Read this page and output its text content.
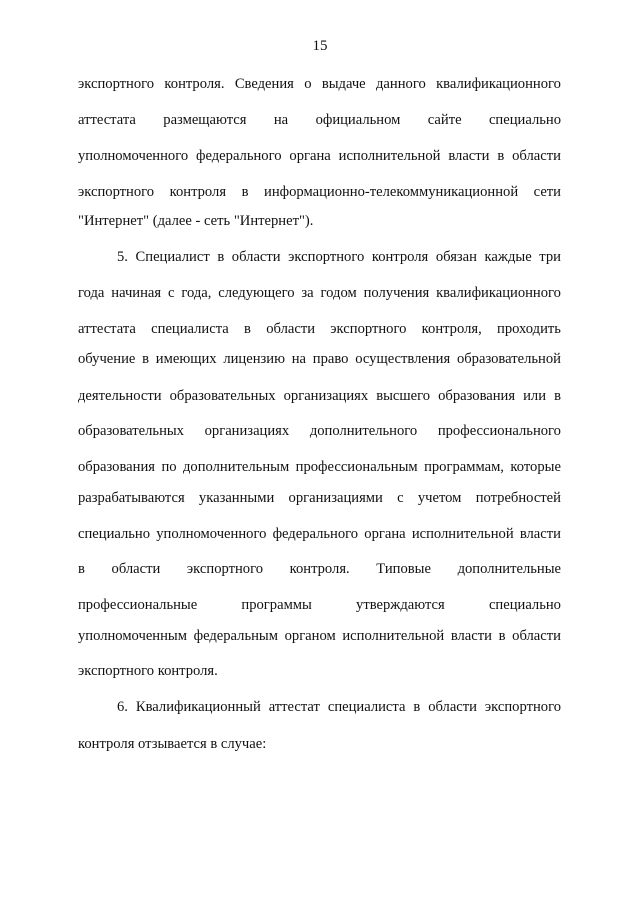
15
экспортного контроля. Сведения о выдаче данного квалификационного
аттестата размещаются на официальном сайте специально
уполномоченного федерального органа исполнительной власти в области
экспортного контроля в информационно-телекоммуникационной сети
"Интернет" (далее - сеть "Интернет").
5. Специалист в области экспортного контроля обязан каждые три
года начиная с года, следующего за годом получения квалификационного
аттестата специалиста в области экспортного контроля, проходить
обучение в имеющих лицензию на право осуществления образовательной
деятельности образовательных организациях высшего образования или в
образовательных организациях дополнительного профессионального
образования по дополнительным профессиональным программам, которые
разрабатываются указанными организациями с учетом потребностей
специально уполномоченного федерального органа исполнительной власти
в области экспортного контроля. Типовые дополнительные
профессиональные	программы	утверждаются	специально
уполномоченным федеральным органом исполнительной власти в области
экспортного контроля.
6. Квалификационный аттестат специалиста в области экспортного
контроля отзывается в случае:
